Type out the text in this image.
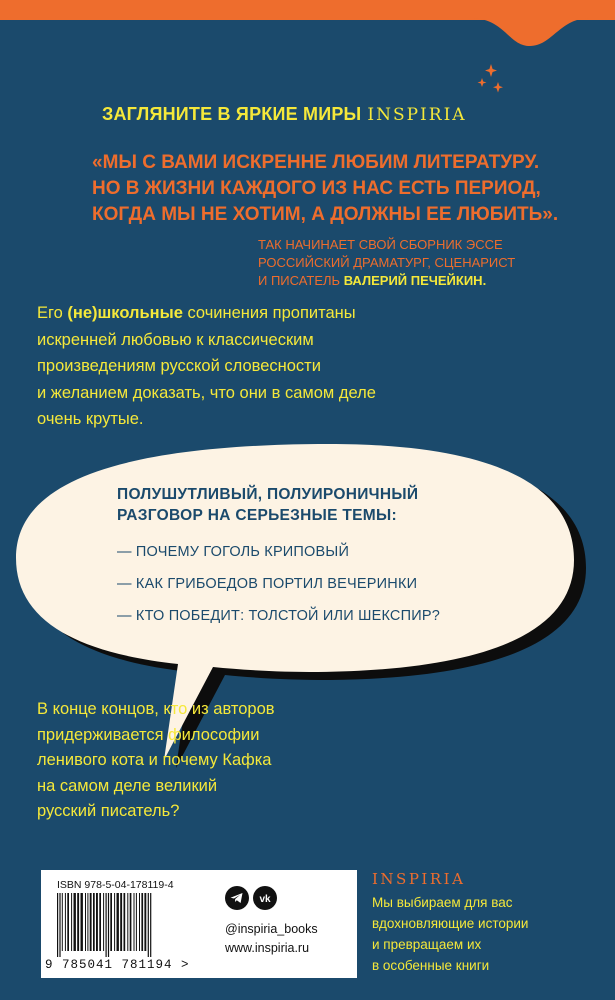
ЗАГЛЯНИТЕ В ЯРКИЕ МИРЫ INSPIRIA
«МЫ С ВАМИ ИСКРЕННЕ ЛЮБИМ ЛИТЕРАТУРУ.
НО В ЖИЗНИ КАЖДОГО ИЗ НАС ЕСТЬ ПЕРИОД,
КОГДА МЫ НЕ ХОТИМ, А ДОЛЖНЫ ЕЕ ЛЮБИТЬ».
ТАК НАЧИНАЕТ СВОЙ СБОРНИК ЭССЕ
РОССИЙСКИЙ ДРАМАТУРГ, СЦЕНАРИСТ
И ПИСАТЕЛЬ ВАЛЕРИЙ ПЕЧЕЙКИН.
Его (не)школьные сочинения пропитаны
искренней любовью к классическим
произведениям русской словесности
и желанием доказать, что они в самом деле
очень крутые.
ПОЛУШУТЛИВЫЙ, ПОЛУИРОНИЧНЫЙ
РАЗГОВОР НА СЕРЬЕЗНЫЕ ТЕМЫ:
— ПОЧЕМУ ГОГОЛЬ КРИПОВЫЙ
— КАК ГРИБОЕДОВ ПОРТИЛ ВЕЧЕРИНКИ
— КТО ПОБЕДИТ: ТОЛСТОЙ ИЛИ ШЕКСПИР?
В конце концов, кто из авторов
придерживается философии
ленивого кота и почему Кафка
на самом деле великий
русский писатель?
ISBN 978-5-04-178119-4
9 785041 781194 >
vk
@inspiria_books
www.inspiria.ru
INSPIRIA
Мы выбираем для вас
вдохновляющие истории
и превращаем их
в особенные книги
